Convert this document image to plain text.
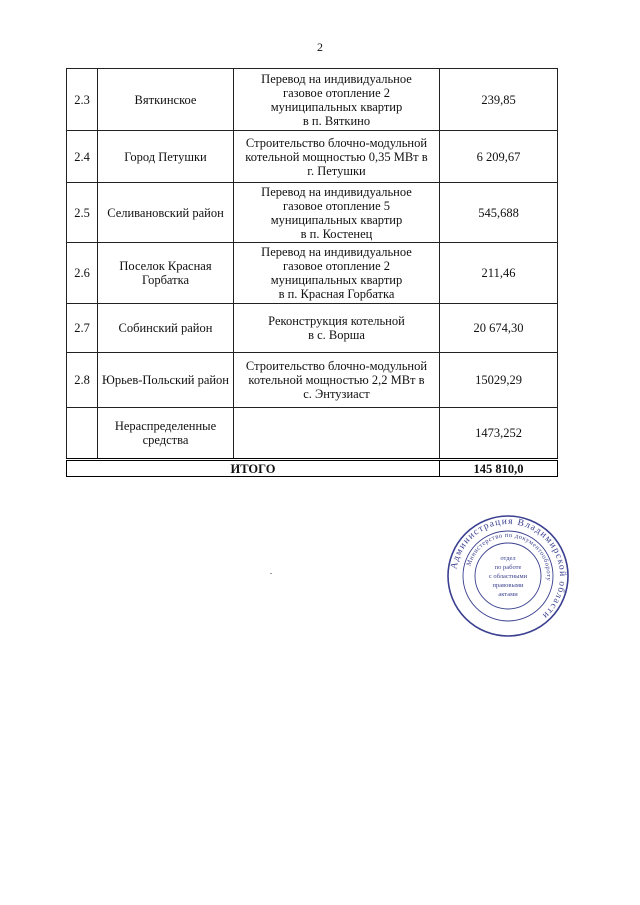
2
2.3	Вяткинское	Перевод на индивидуальное
газовое отопление 2
муниципальных квартир
в п. Вяткино	239,85
2.4	Город Петушки	Строительство блочно-модульной
котельной мощностью 0,35 МВт в
г. Петушки	6 209,67
2.5	Селивановский район	Перевод на индивидуальное
газовое отопление 5
муниципальных квартир
в п. Костенец	545,688
2.6	Поселок Красная Горбатка	Перевод на индивидуальное
газовое отопление 2
муниципальных квартир
в п. Красная Горбатка	211,46
2.7	Собинский район	Реконструкция котельной
в с. Ворша	20 674,30
2.8	Юрьев-Польский район	Строительство блочно-модульной
котельной мощностью 2,2 МВт в
с. Энтузиаст	15029,29
	Нераспределенные средства		1473,252
ИТОГО			145 810,0
Администрация Владимирской области
Министерство по документообороту
отдел
по работе
с областными
правовыми
актами
